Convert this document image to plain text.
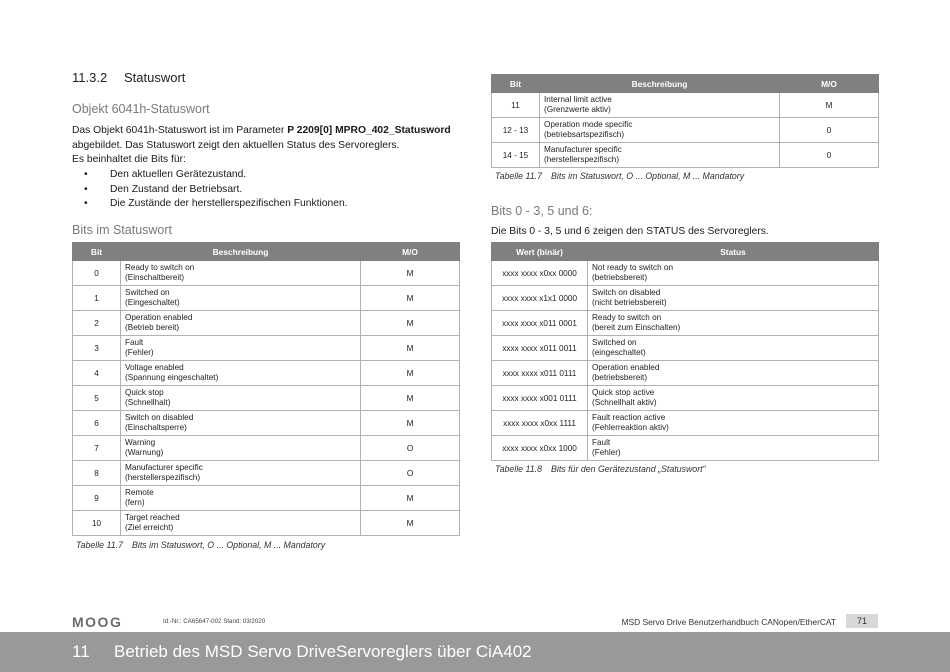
11.3.2 Statuswort
Objekt 6041h-Statuswort
Das Objekt 6041h-Statuswort ist im Parameter P 2209[0] MPRO_402_Statusword
abgebildet. Das Statuswort zeigt den aktuellen Status des Servoreglers.
Es beinhaltet die Bits für:
• Den aktuellen Gerätezustand.
• Den Zustand der Betriebsart.
• Die Zustände der herstellerspezifischen Funktionen.
Bits im Statuswort
Bit	Beschreibung	M/O
0	Ready to switch on
(Einschaltbereit)	M
1	Switched on
(Eingeschaltet)	M
2	Operation enabled
(Betrieb bereit)	M
3	Fault
(Fehler)	M
4	Voltage enabled
(Spannung eingeschaltet)	M
5	Quick stop
(Schnellhalt)	M
6	Switch on disabled
(Einschaltsperre)	M
7	Warning
(Warnung)	O
8	Manufacturer specific
(herstellerspezifisch)	O
9	Remote
(fern)	M
10	Target reached
(Ziel erreicht)	M
Tabelle 11.7 Bits im Statuswort, O ... Optional, M ... Mandatory
Bit	Beschreibung	M/O
11	Internal limit active
(Grenzwerte aktiv)	M
12 - 13	Operation mode specific
(betriebsartspezifisch)	0
14 - 15	Manufacturer specific
(herstellerspezifisch)	0
Tabelle 11.7 Bits im Statuswort, O ... Optional, M ... Mandatory
Bits 0 - 3, 5 und 6:
Die Bits 0 - 3, 5 und 6 zeigen den STATUS des Servoreglers.
Wert (binär)	Status
xxxx xxxx x0xx 0000	Not ready to switch on
(betriebsbereit)

xxxx xxxx x1x1 0000	Switch on disabled
(nicht betriebsbereit)

xxxx xxxx x011 0001	Ready to switch on
(bereit zum Einschalten)

xxxx xxxx x011 0011	Switched on
(eingeschaltet)

xxxx xxxx x011 0111	Operation enabled
(betriebsbereit)

xxxx xxxx x001 0111	Quick stop active
(Schnellhalt aktiv)

xxxx xxxx x0xx 1111	Fault reaction active
(Fehlerreaktion aktiv)

xxxx xxxx x0xx 1000	Fault
(Fehler)
Tabelle 11.8 Bits für den Gerätezustand „Statuswort“
MOOG	Id.-Nr.: CA65647-002 Stand: 03/2020	MSD Servo Drive Benutzerhandbuch CANopen/EtherCAT	71
11 Betrieb des MSD Servo DriveServoreglers über CiA402
